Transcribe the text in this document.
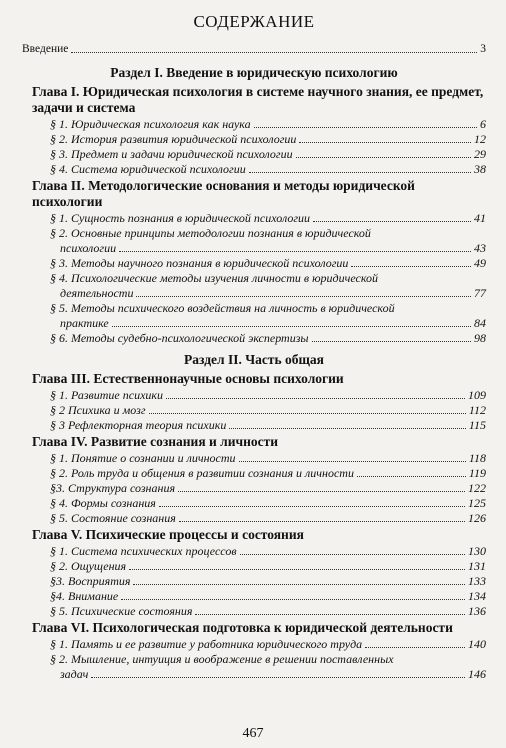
СОДЕРЖАНИЕ
Введение	3
Раздел I. Введение в юридическую психологию
Глава I. Юридическая психология в системе научного знания, ее предмет, задачи и система
§ 1. Юридическая психология как наука	6
§ 2. История развития юридической психологии	12
§ 3. Предмет и задачи юридической психологии	29
§ 4. Система юридической психологии	38
Глава II. Методологические основания и методы юридической психологии
§ 1. Сущность познания в юридической психологии	41
§ 2. Основные принципы методологии познания в юридической
психологии	43
§ 3. Методы научного познания в юридической психологии	49
§ 4. Психологические методы изучения личности в юридической
деятельности	77
§ 5. Методы психического воздействия на личность в юридической
практике	84
§ 6. Методы судебно-психологической экспертизы	98
Раздел II. Часть общая
Глава III. Естественнонаучные основы психологии
§ 1. Развитие психики	109
§ 2 Психика и мозг	112
§ 3 Рефлекторная теория психики	115
Глава IV. Развитие сознания и личности
§ 1. Понятие о сознании и личности	118
§ 2. Роль труда и общения в развитии сознания и личности	119
§3. Структура сознания	122
§ 4. Формы сознания	125
§ 5. Состояние сознания	126
Глава V. Психические процессы и состояния
§ 1. Система психических процессов	130
§ 2. Ощущения	131
§3. Восприятия	133
§4. Внимание	134
§ 5. Психические состояния	136
Глава VI. Психологическая подготовка к юридической деятельности
§ 1. Память и ее развитие у работника юридического труда	140
§ 2. Мышление, интуиция и воображение в решении поставленных
задач	146
467
